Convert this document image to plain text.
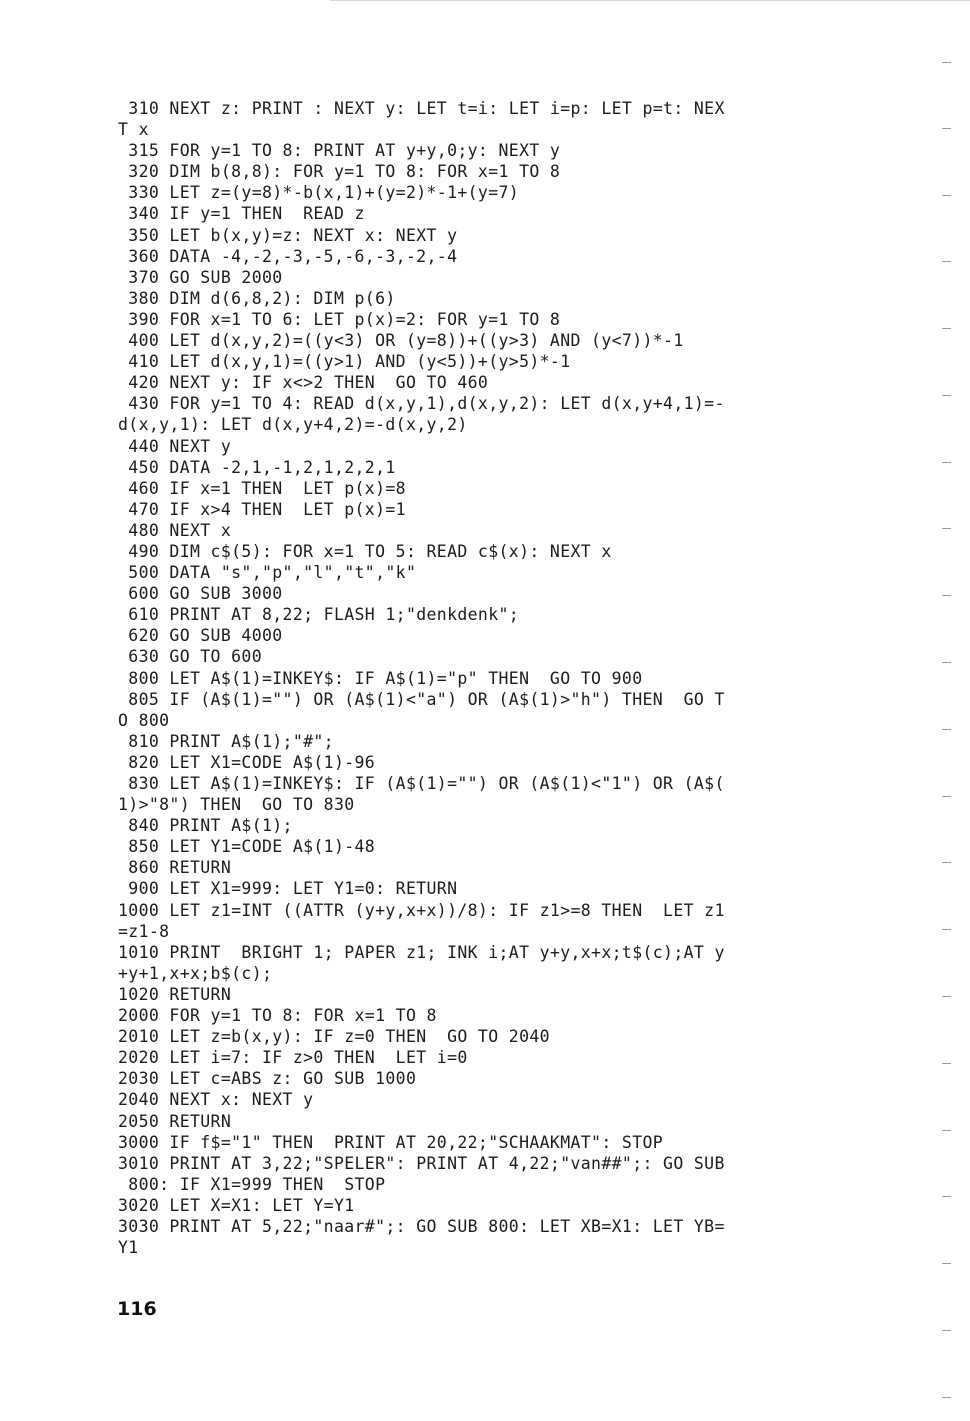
310 NEXT z: PRINT : NEXT y: LET t=i: LET i=p: LET p=t: NEX
T x
315 FOR y=1 TO 8: PRINT AT y+y,0;y: NEXT y
320 DIM b(8,8): FOR y=1 TO 8: FOR x=1 TO 8
330 LET z=(y=8)*-b(x,1)+(y=2)*-1+(y=7)
340 IF y=1 THEN  READ z
350 LET b(x,y)=z: NEXT x: NEXT y
360 DATA -4,-2,-3,-5,-6,-3,-2,-4
370 GO SUB 2000
380 DIM d(6,8,2): DIM p(6)
390 FOR x=1 TO 6: LET p(x)=2: FOR y=1 TO 8
400 LET d(x,y,2)=((y<3) OR (y=8))+((y>3) AND (y<7))*-1
410 LET d(x,y,1)=((y>1) AND (y<5))+(y>5)*-1
420 NEXT y: IF x<>2 THEN  GO TO 460
430 FOR y=1 TO 4: READ d(x,y,1),d(x,y,2): LET d(x,y+4,1)=-
d(x,y,1): LET d(x,y+4,2)=-d(x,y,2)
440 NEXT y
450 DATA -2,1,-1,2,1,2,2,1
460 IF x=1 THEN  LET p(x)=8
470 IF x>4 THEN  LET p(x)=1
480 NEXT x
490 DIM c$(5): FOR x=1 TO 5: READ c$(x): NEXT x
500 DATA "s","p","l","t","k"
600 GO SUB 3000
610 PRINT AT 8,22; FLASH 1;"denkdenk";
620 GO SUB 4000
630 GO TO 600
800 LET A$(1)=INKEY$: IF A$(1)="p" THEN  GO TO 900
805 IF (A$(1)="") OR (A$(1)<"a") OR (A$(1)>"h") THEN  GO T
O 800
810 PRINT A$(1);"#";
820 LET X1=CODE A$(1)-96
830 LET A$(1)=INKEY$: IF (A$(1)="") OR (A$(1)<"1") OR (A$(
1)>"8") THEN  GO TO 830
840 PRINT A$(1);
850 LET Y1=CODE A$(1)-48
860 RETURN
900 LET X1=999: LET Y1=0: RETURN
1000 LET z1=INT ((ATTR (y+y,x+x))/8): IF z1>=8 THEN  LET z1
=z1-8
1010 PRINT  BRIGHT 1; PAPER z1; INK i;AT y+y,x+x;t$(c);AT y
+y+1,x+x;b$(c);
1020 RETURN
2000 FOR y=1 TO 8: FOR x=1 TO 8
2010 LET z=b(x,y): IF z=0 THEN  GO TO 2040
2020 LET i=7: IF z>0 THEN  LET i=0
2030 LET c=ABS z: GO SUB 1000
2040 NEXT x: NEXT y
2050 RETURN
3000 IF f$="1" THEN  PRINT AT 20,22;"SCHAAKMAT": STOP
3010 PRINT AT 3,22;"SPELER": PRINT AT 4,22;"van##";: GO SUB
800: IF X1=999 THEN  STOP
3020 LET X=X1: LET Y=Y1
3030 PRINT AT 5,22;"naar#";: GO SUB 800: LET XB=X1: LET YB=
Y1
116
